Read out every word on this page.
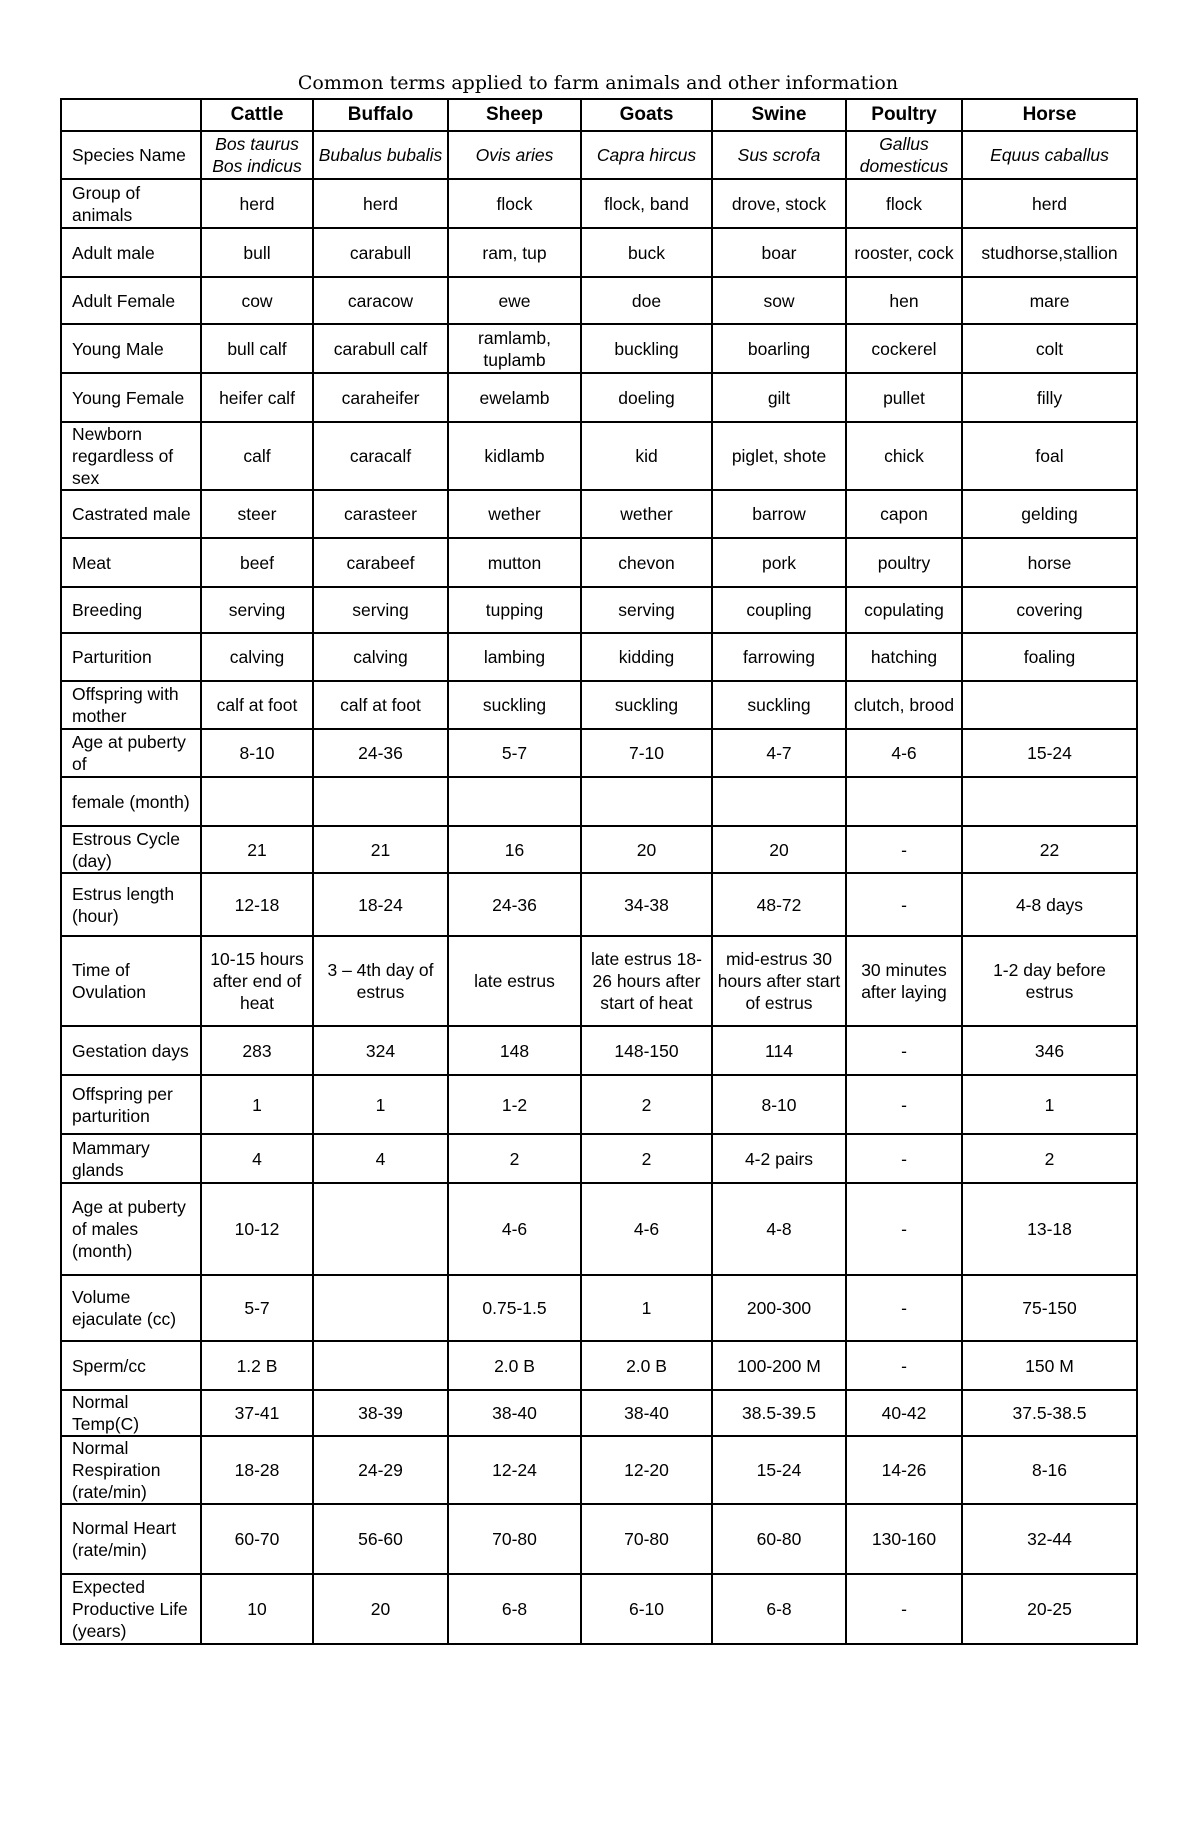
Common terms applied to farm animals and other information
	Cattle	Buffalo	Sheep	Goats	Swine	Poultry	Horse
Species Name	Bos taurus Bos indicus	Bubalus bubalis	Ovis aries	Capra hircus	Sus scrofa	Gallus domesticus	Equus caballus
Group of animals	herd	herd	flock	flock, band	drove, stock	flock	herd
Adult male	bull	carabull	ram, tup	buck	boar	rooster, cock	studhorse,stallion
Adult Female	cow	caracow	ewe	doe	sow	hen	mare
Young Male	bull calf	carabull calf	ramlamb, tuplamb	buckling	boarling	cockerel	colt
Young Female	heifer calf	caraheifer	ewelamb	doeling	gilt	pullet	filly
Newborn regardless of sex	calf	caracalf	kidlamb	kid	piglet, shote	chick	foal
Castrated male	steer	carasteer	wether	wether	barrow	capon	gelding
Meat	beef	carabeef	mutton	chevon	pork	poultry	horse
Breeding	serving	serving	tupping	serving	coupling	copulating	covering
Parturition	calving	calving	lambing	kidding	farrowing	hatching	foaling
Offspring with mother	calf at foot	calf at foot	suckling	suckling	suckling	clutch, brood	
Age at puberty of	8-10	24-36	5-7	7-10	4-7	4-6	15-24
female (month)							
Estrous Cycle (day)	21	21	16	20	20	-	22
Estrus length (hour)	12-18	18-24	24-36	34-38	48-72	-	4-8 days
Time of Ovulation	10-15 hours after end of heat	3 – 4th day of estrus	late estrus	late estrus 18-26 hours after start of heat	mid-estrus 30 hours after start of estrus	30 minutes after laying	1-2 day before estrus
Gestation days	283	324	148	148-150	114	-	346
Offspring per parturition	1	1	1-2	2	8-10	-	1
Mammary glands	4	4	2	2	4-2 pairs	-	2
Age at puberty of males (month)	10-12		4-6	4-6	4-8	-	13-18
Volume ejaculate (cc)	5-7		0.75-1.5	1	200-300	-	75-150
Sperm/cc	1.2 B		2.0 B	2.0 B	100-200 M	-	150 M
Normal Temp(C)	37-41	38-39	38-40	38-40	38.5-39.5	40-42	37.5-38.5
Normal Respiration (rate/min)	18-28	24-29	12-24	12-20	15-24	14-26	8-16
Normal Heart (rate/min)	60-70	56-60	70-80	70-80	60-80	130-160	32-44
Expected Productive Life (years)	10	20	6-8	6-10	6-8	-	20-25
